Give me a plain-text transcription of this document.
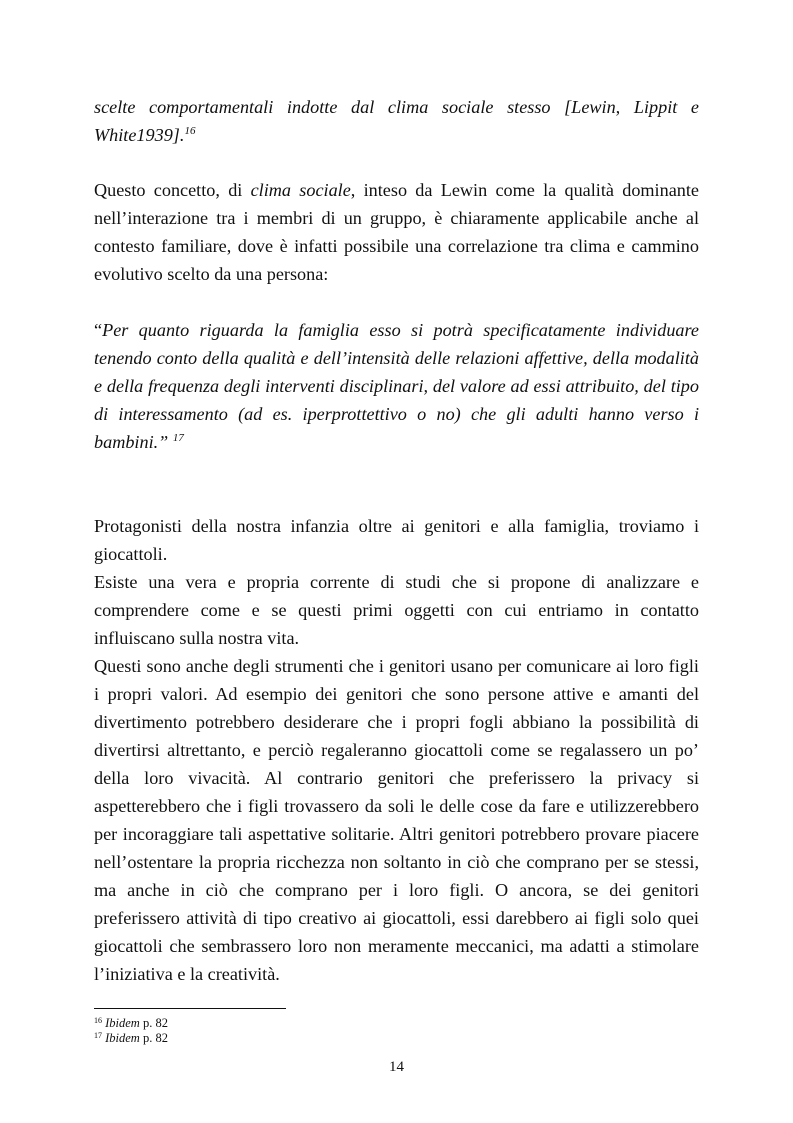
scelte comportamentali indotte dal clima sociale stesso [Lewin, Lippit e White1939].$^{16}$

Questo concetto, di clima sociale, inteso da Lewin come la qualità dominante nell’interazione tra i membri di un gruppo, è chiaramente applicabile anche al contesto familiare, dove è infatti possibile una correlazione tra clima e cammino evolutivo scelto da una persona:

“Per quanto riguarda la famiglia esso si potrà specificatamente individuare tenendo conto della qualità e dell’intensità delle relazioni affettive, della modalità e della frequenza degli interventi disciplinari, del valore ad essi attribuito, del tipo di interessamento (ad es. iperprottettivo o no) che gli adulti hanno verso i bambini.” $^{17}$

Protagonisti della nostra infanzia oltre ai genitori e alla famiglia, troviamo i giocattoli.

Esiste una vera e propria corrente di studi che si propone di analizzare e comprendere come e se questi primi oggetti con cui entriamo in contatto influiscano sulla nostra vita.

Questi sono anche degli strumenti che i genitori usano per comunicare ai loro figli i propri valori. Ad esempio dei genitori che sono persone attive e amanti del divertimento potrebbero desiderare che i propri fogli abbiano la possibilità di divertirsi altrettanto, e perciò regaleranno giocattoli come se regalassero un po’ della loro vivacità. Al contrario genitori che preferissero la privacy si aspetterebbero che i figli trovassero da soli le delle cose da fare e utilizzerebbero per incoraggiare tali aspettative solitarie. Altri genitori potrebbero provare piacere nell’ostentare la propria ricchezza non soltanto in ciò che comprano per se stessi, ma anche in ciò che comprano per i loro figli. O ancora, se dei genitori preferissero attività di tipo creativo ai giocattoli, essi darebbero ai figli solo quei giocattoli che sembrassero loro non meramente meccanici, ma adatti a stimolare l’iniziativa e la creatività.

$^{16}$ Ibidem p. 82
$^{17}$ Ibidem p. 82
14
